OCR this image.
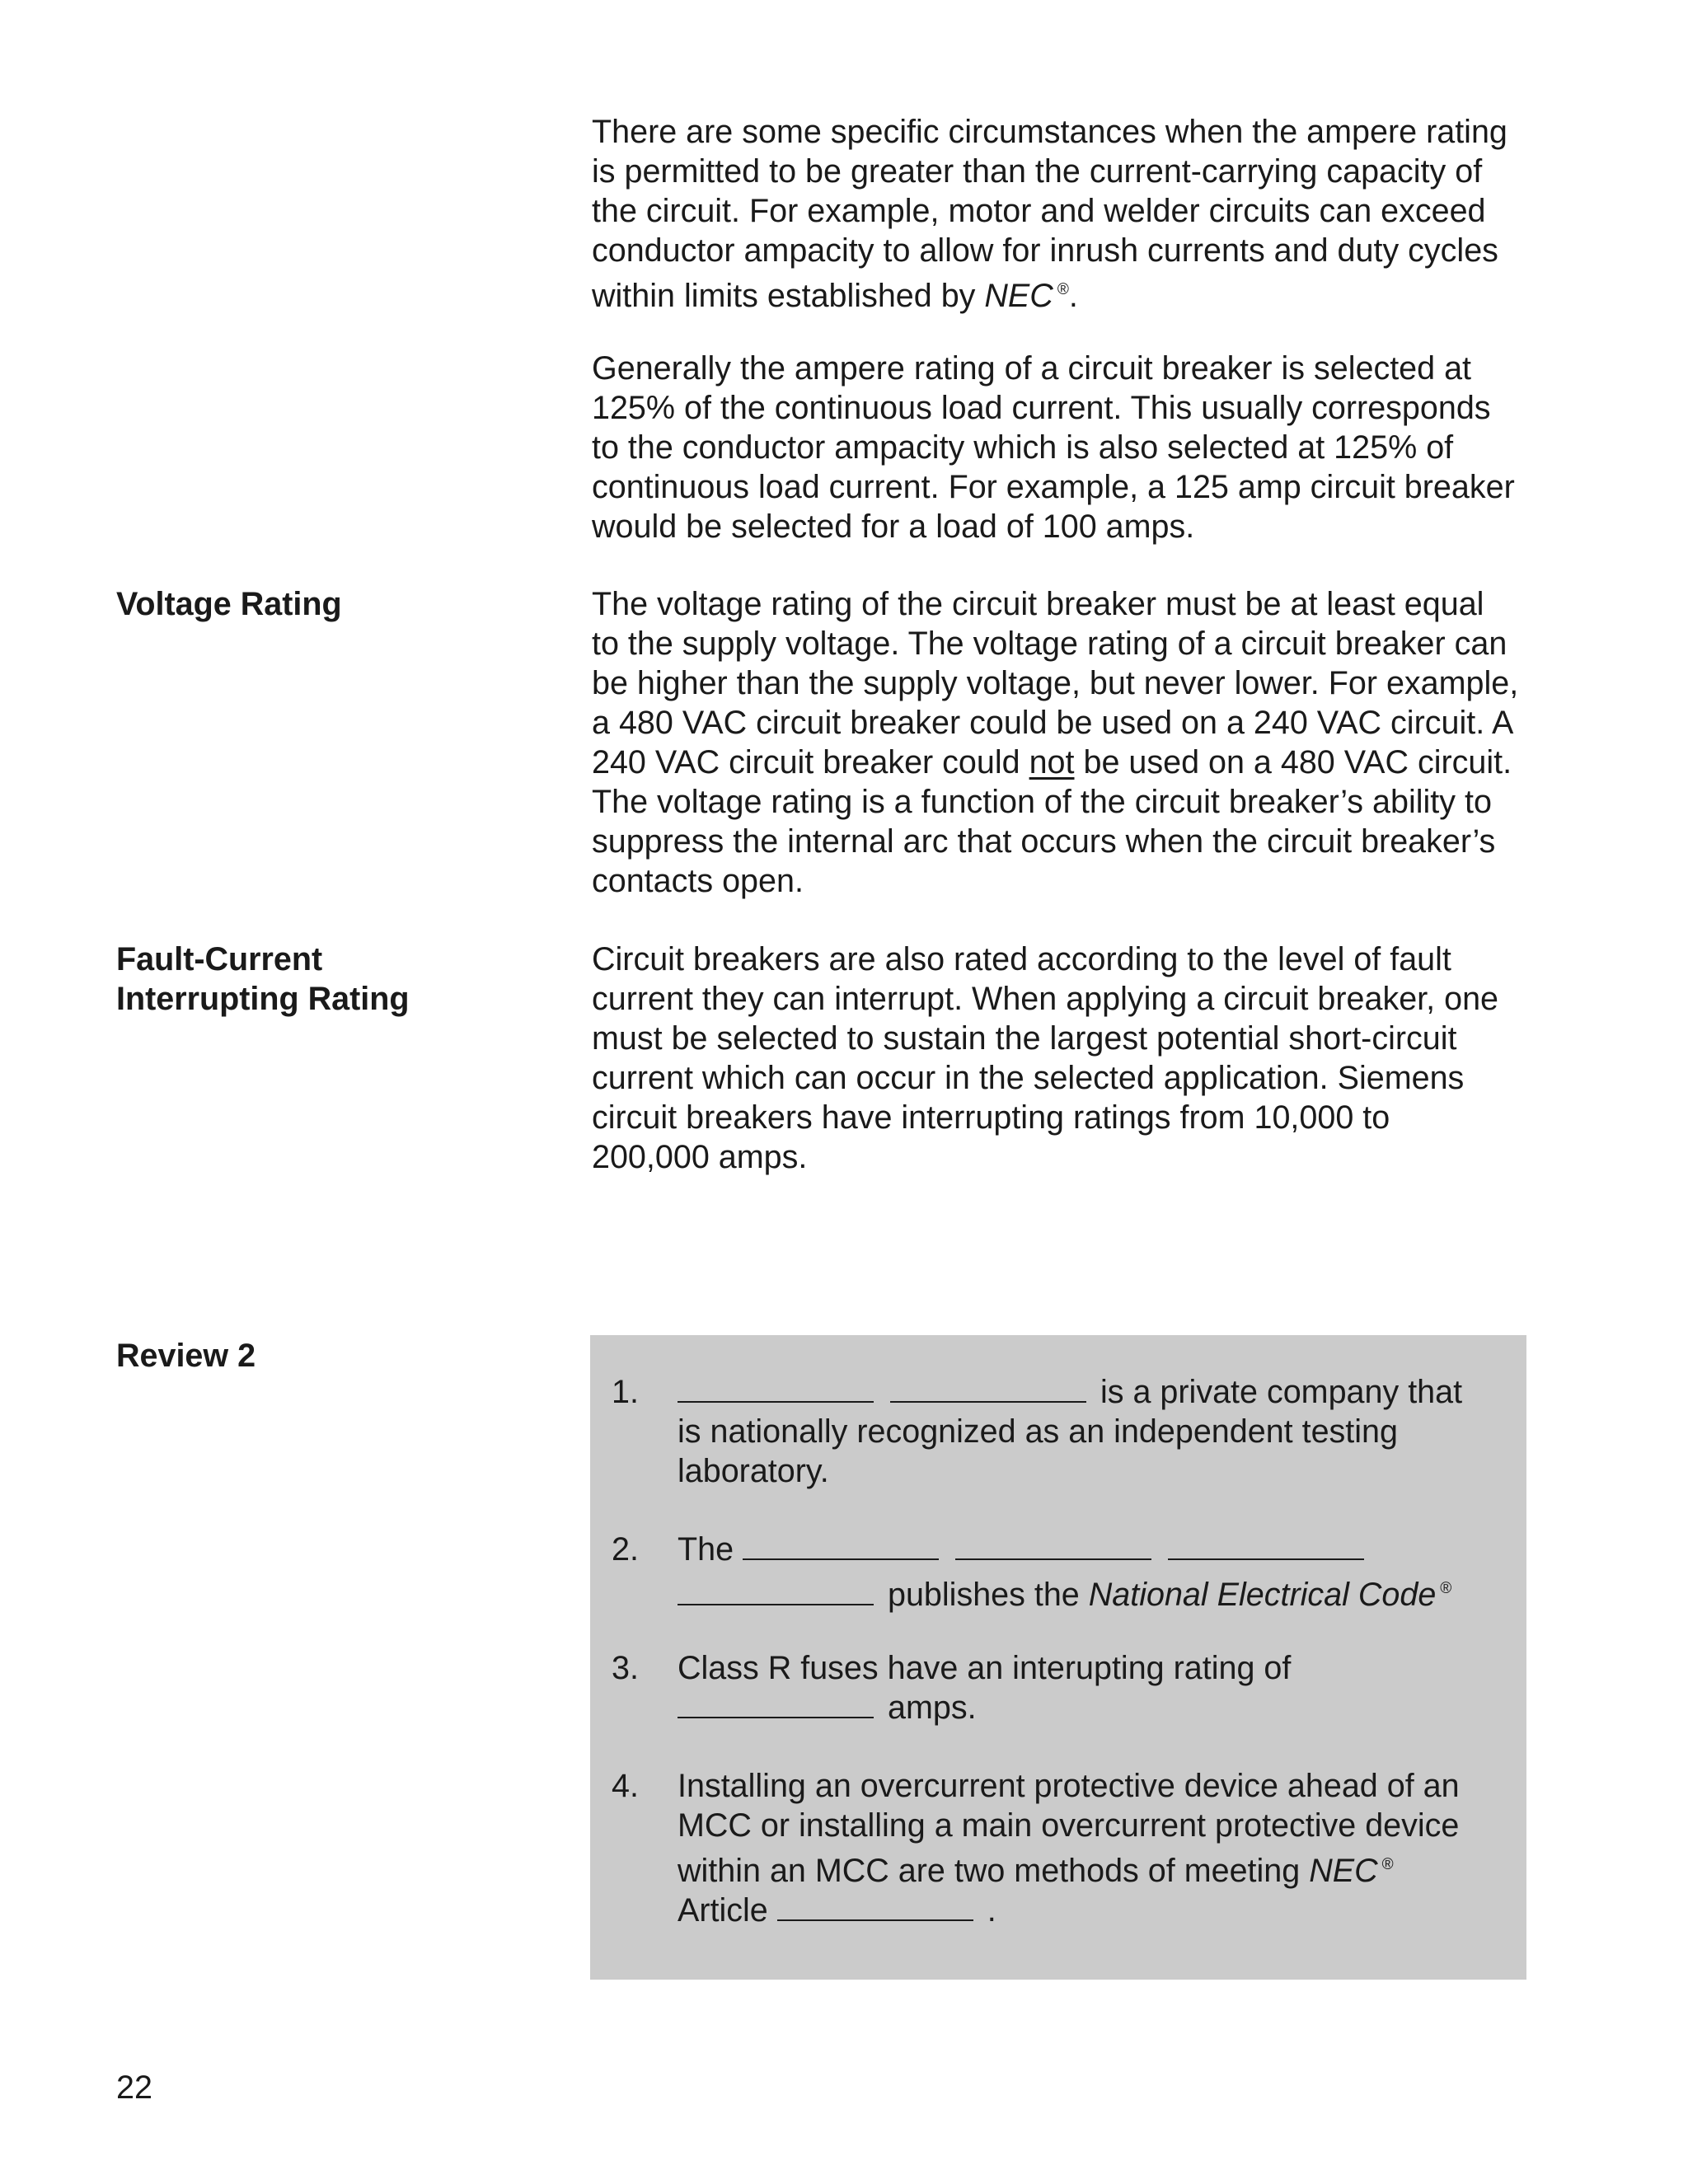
There are some specific circumstances when the ampere rating
is permitted to be greater than the current-carrying capacity of
the circuit. For example, motor and welder circuits can exceed
conductor ampacity to allow for inrush currents and duty cycles
within limits established by NEC ®.

Generally the ampere rating of a circuit breaker is selected at
125% of the continuous load current. This usually corresponds
to the conductor ampacity which is also selected at 125% of
continuous load current. For example, a 125 amp circuit breaker
would be selected for a load of 100 amps.

Voltage Rating	The voltage rating of the circuit breaker must be at least equal
to the supply voltage. The voltage rating of a circuit breaker can
be higher than the supply voltage, but never lower. For example,
a 480 VAC circuit breaker could be used on a 240 VAC circuit. A
240 VAC circuit breaker could not be used on a 480 VAC circuit.
The voltage rating is a function of the circuit breaker’s ability to
suppress the internal arc that occurs when the circuit breaker’s
contacts open.

Fault-Current
Interrupting Rating

Circuit breakers are also rated according to the level of fault
current they can interrupt. When applying a circuit breaker, one
must be selected to sustain the largest potential short-circuit
current which can occur in the selected application. Siemens
circuit breakers have interrupting ratings from 10,000 to
200,000 amps.

Review 2

1.	is a private company that
is nationally recognized as an independent testing
laboratory.
2. The
publishes the National Electrical Code ®
3. Class R fuses have an interupting rating of
amps.
4. Installing an overcurrent protective device ahead of an
MCC or installing a main overcurrent protective device
within an MCC are two methods of meeting NEC ®
Article	.
22
